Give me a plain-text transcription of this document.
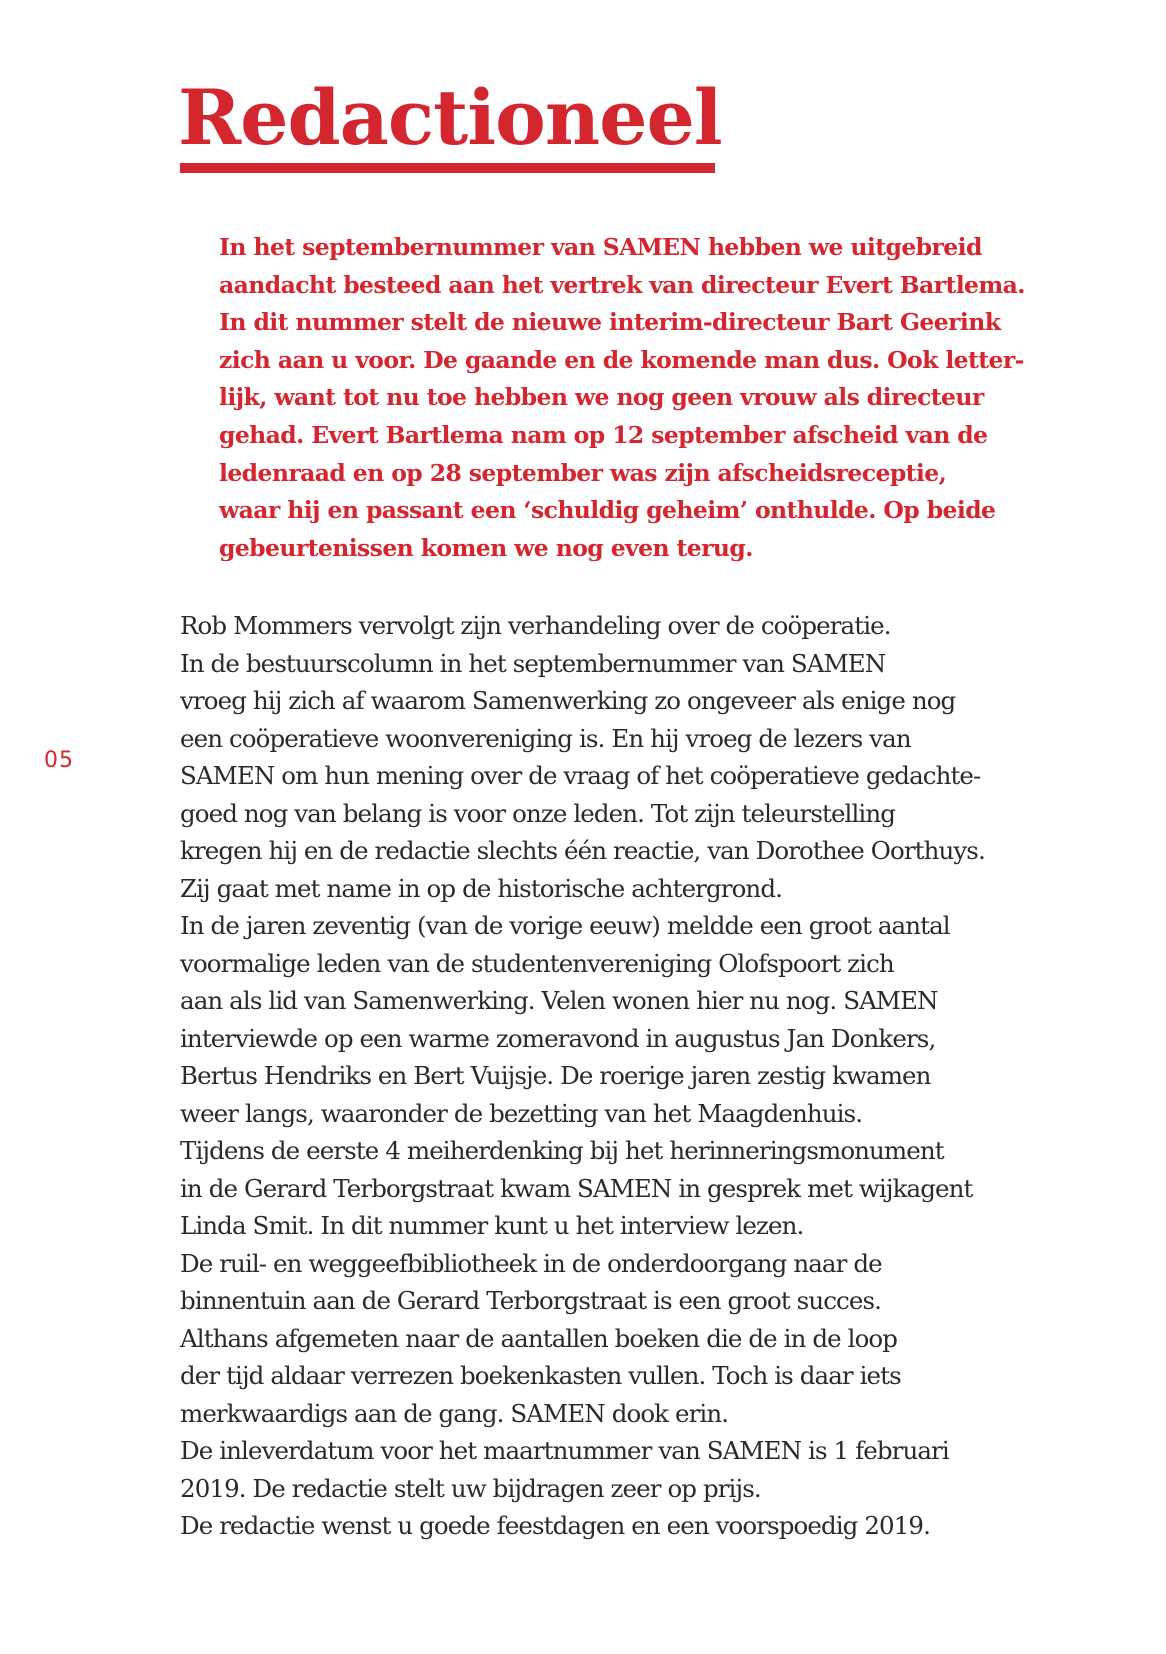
05
Redactioneel
In het septembernummer van SAMEN hebben we uitgebreid
aandacht besteed aan het vertrek van directeur Evert Bartlema.
In dit nummer stelt de nieuwe interim-directeur Bart Geerink
zich aan u voor. De gaande en de komende man dus. Ook letter-
lijk, want tot nu toe hebben we nog geen vrouw als directeur
gehad. Evert Bartlema nam op 12 september afscheid van de
ledenraad en op 28 september was zijn afscheidsreceptie,
waar hij en passant een ‘schuldig geheim’ onthulde. Op beide
gebeurtenissen komen we nog even terug.
Rob Mommers vervolgt zijn verhandeling over de coöperatie.
In de bestuurscolumn in het septembernummer van SAMEN
vroeg hij zich af waarom Samenwerking zo ongeveer als enige nog
een coöperatieve woonvereniging is. En hij vroeg de lezers van
SAMEN om hun mening over de vraag of het coöperatieve gedachte-
goed nog van belang is voor onze leden. Tot zijn teleurstelling
kregen hij en de redactie slechts één reactie, van Dorothee Oorthuys.
Zij gaat met name in op de historische achtergrond.
In de jaren zeventig (van de vorige eeuw) meldde een groot aantal
voormalige leden van de studentenvereniging Olofspoort zich
aan als lid van Samenwerking. Velen wonen hier nu nog. SAMEN
interviewde op een warme zomeravond in augustus Jan Donkers,
Bertus Hendriks en Bert Vuijsje. De roerige jaren zestig kwamen
weer langs, waaronder de bezetting van het Maagdenhuis.
Tijdens de eerste 4 meiherdenking bij het herinneringsmonument
in de Gerard Terborgstraat kwam SAMEN in gesprek met wijkagent
Linda Smit. In dit nummer kunt u het interview lezen.
De ruil- en weggeefbibliotheek in de onderdoorgang naar de
binnentuin aan de Gerard Terborgstraat is een groot succes.
Althans afgemeten naar de aantallen boeken die de in de loop
der tijd aldaar verrezen boekenkasten vullen. Toch is daar iets
merkwaardigs aan de gang. SAMEN dook erin.
De inleverdatum voor het maartnummer van SAMEN is 1 februari
2019. De redactie stelt uw bijdragen zeer op prijs.
De redactie wenst u goede feestdagen en een voorspoedig 2019.
